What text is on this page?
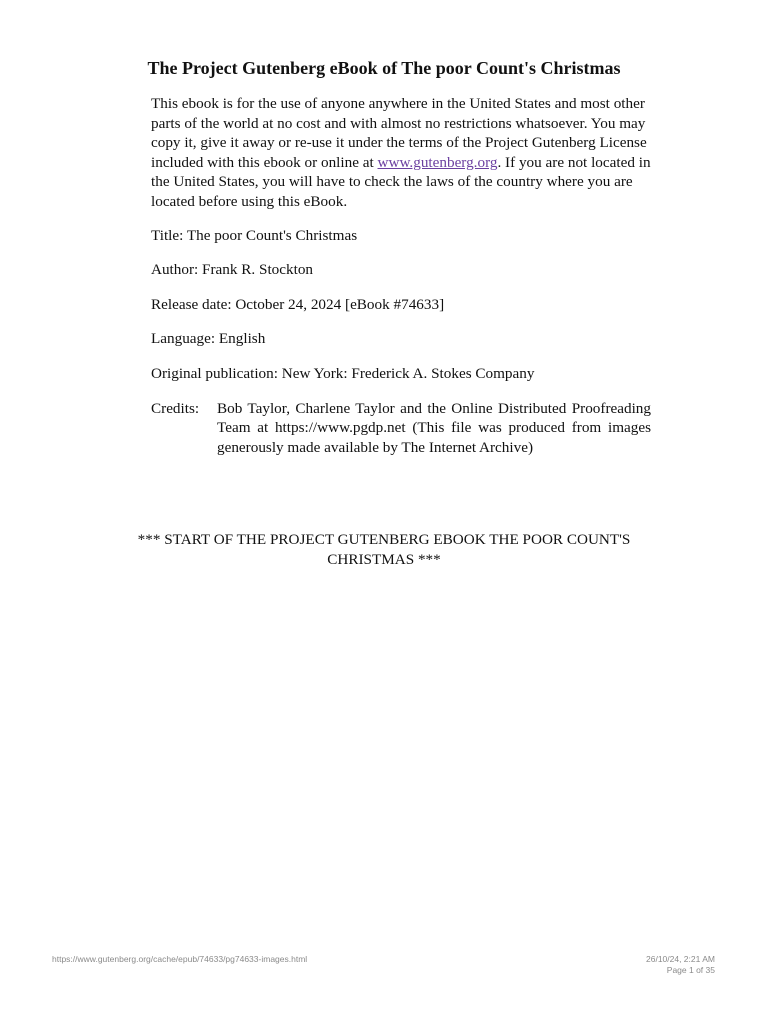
The Project Gutenberg eBook of The poor Count's Christmas

This ebook is for the use of anyone anywhere in the United States and most other parts of the world at no cost and with almost no restrictions whatsoever. You may copy it, give it away or re-use it under the terms of the Project Gutenberg License included with this ebook or online at www.gutenberg.org. If you are not located in the United States, you will have to check the laws of the country where you are located before using this eBook.

Title: The poor Count's Christmas

Author: Frank R. Stockton

Release date: October 24, 2024 [eBook #74633]

Language: English

Original publication: New York: Frederick A. Stokes Company

Credits:	Bob Taylor, Charlene Taylor and the Online Distributed Proofreading Team at https://www.pgdp.net (This file was produced from images generously made available by The Internet Archive)

*** START OF THE PROJECT GUTENBERG EBOOK THE POOR COUNT'S CHRISTMAS ***

https://www.gutenberg.org/cache/epub/74633/pg74633-images.html	26/10/24, 2:21 AM
Page 1 of 35
